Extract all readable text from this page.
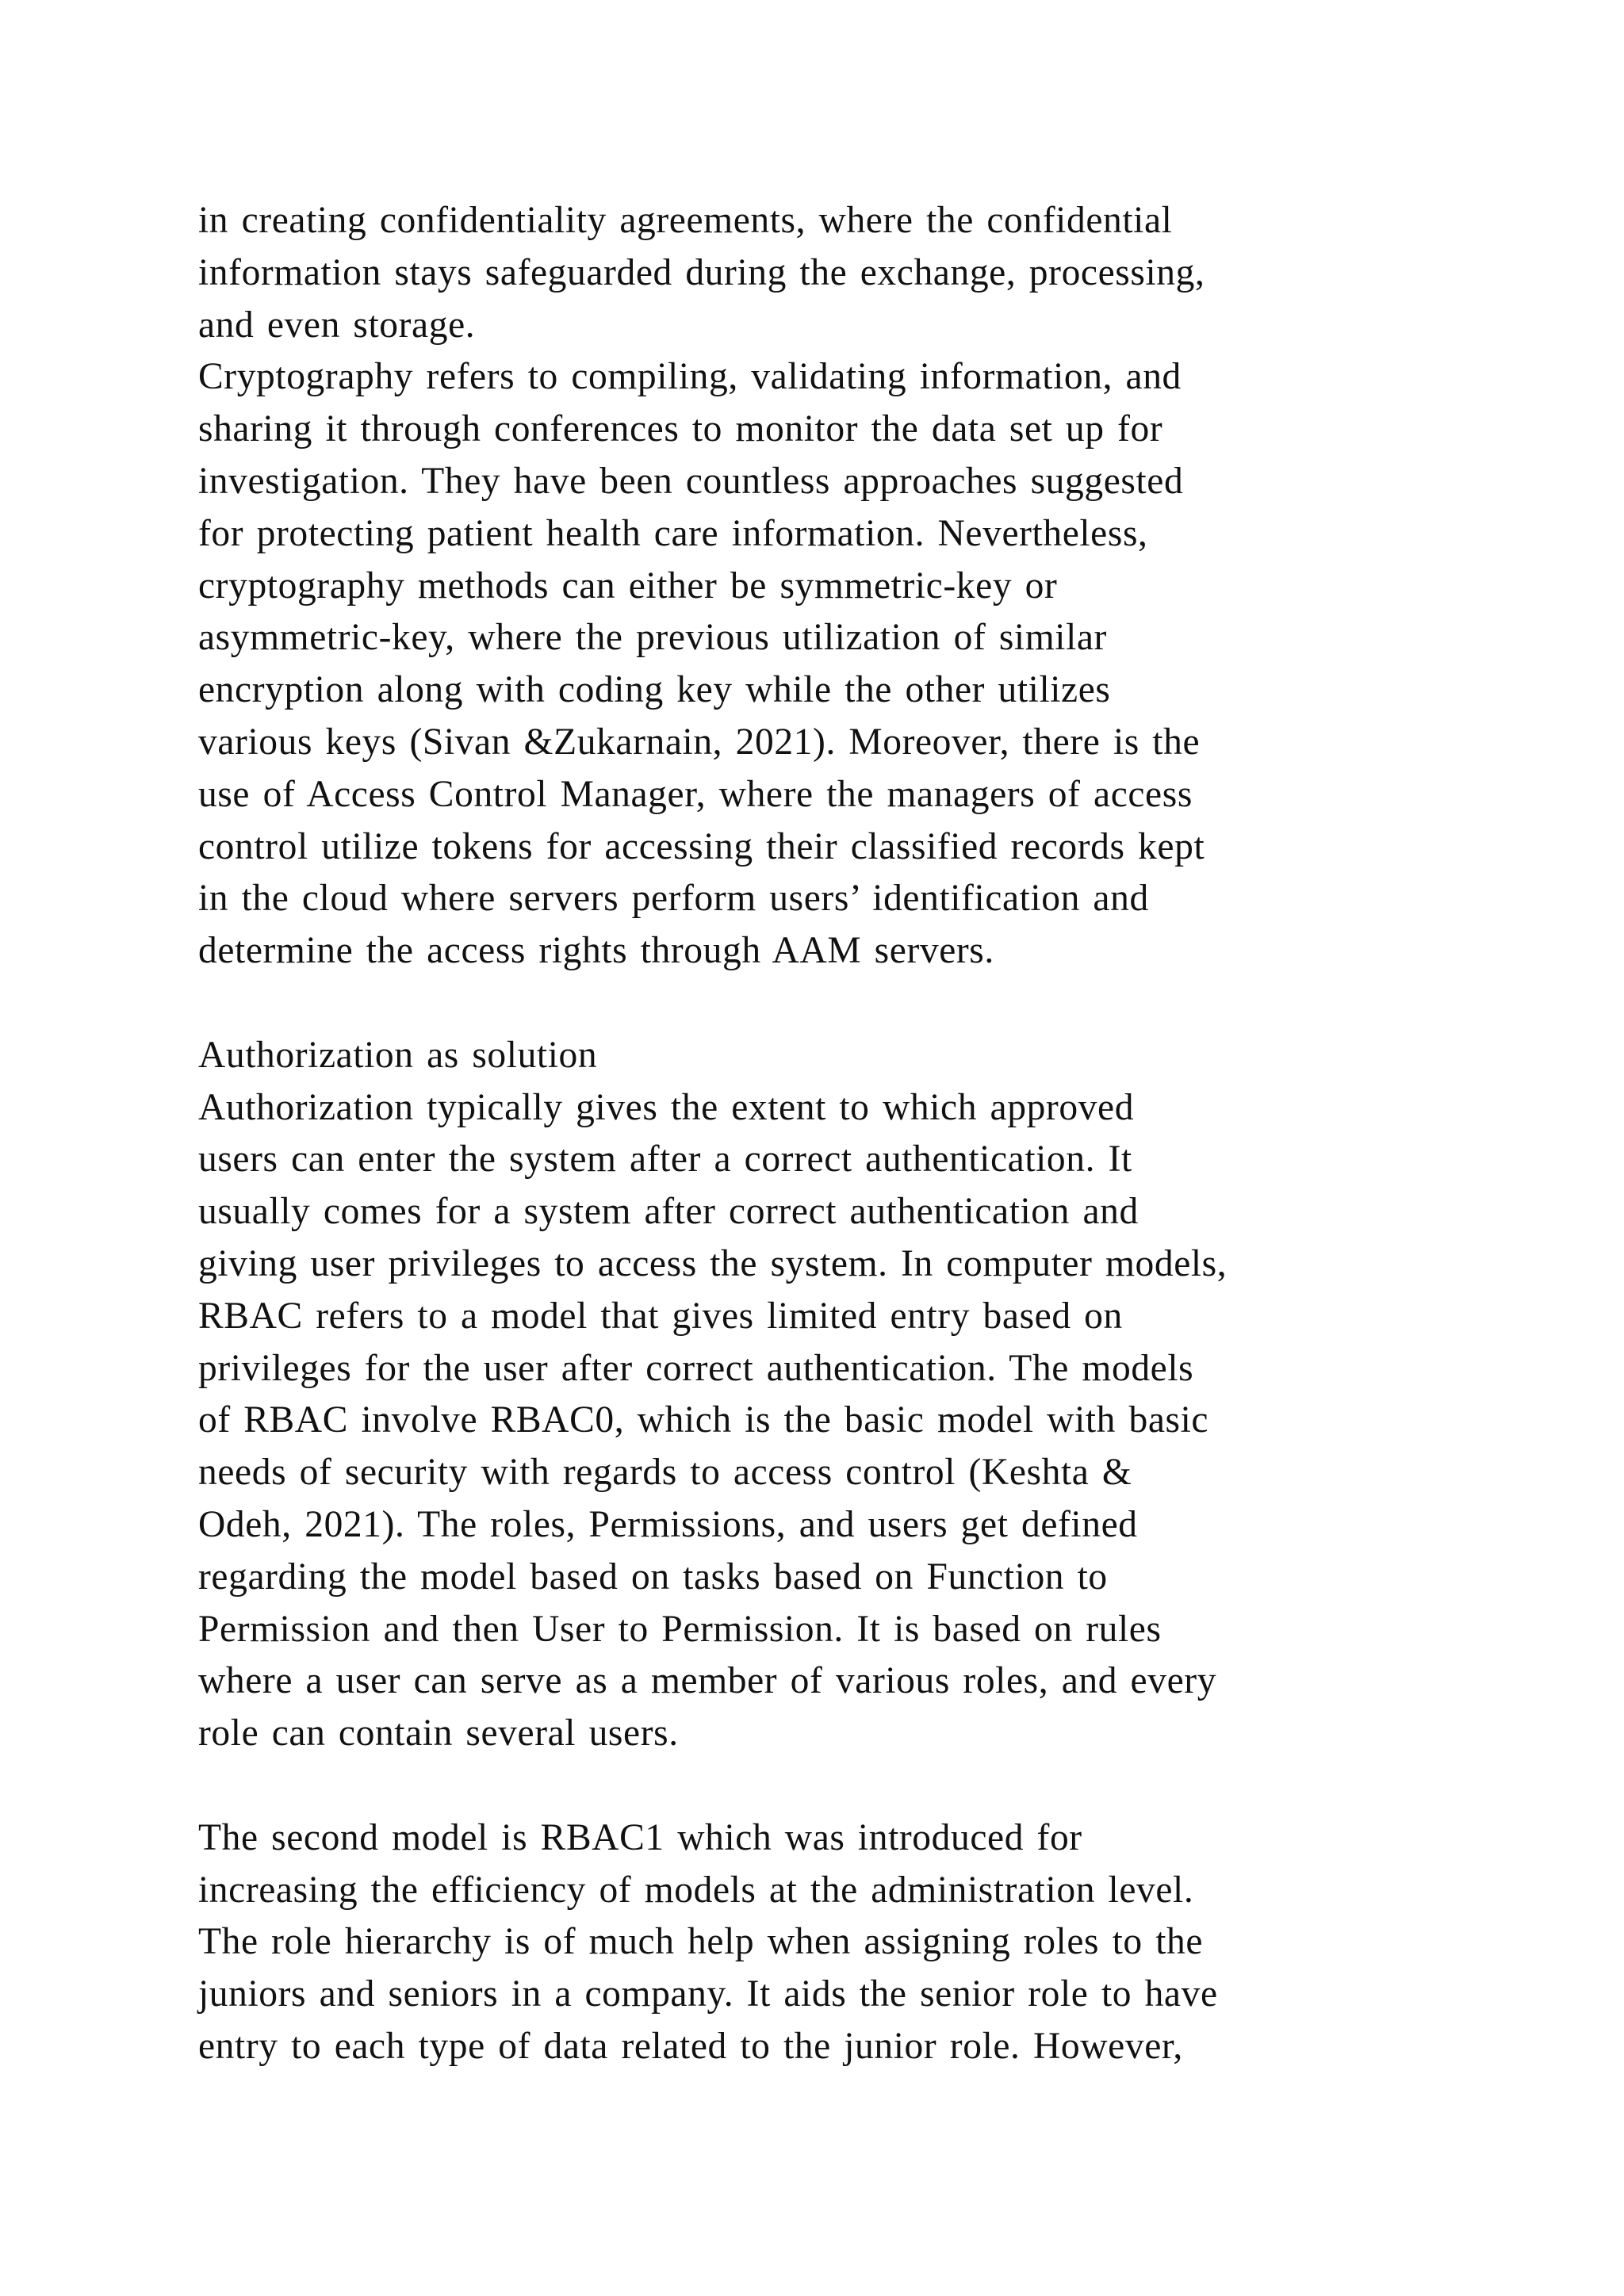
in creating confidentiality agreements, where the confidential
information stays safeguarded during the exchange, processing,
and even storage.
Cryptography refers to compiling, validating information, and
sharing it through conferences to monitor the data set up for
investigation. They have been countless approaches suggested
for protecting patient health care information. Nevertheless,
cryptography methods can either be symmetric-key or
asymmetric-key, where the previous utilization of similar
encryption along with coding key while the other utilizes
various keys (Sivan &Zukarnain, 2021). Moreover, there is the
use of Access Control Manager, where the managers of access
control utilize tokens for accessing their classified records kept
in the cloud where servers perform users’ identification and
determine the access rights through AAM servers.
Authorization as solution
Authorization typically gives the extent to which approved
users can enter the system after a correct authentication. It
usually comes for a system after correct authentication and
giving user privileges to access the system. In computer models,
RBAC refers to a model that gives limited entry based on
privileges for the user after correct authentication. The models
of RBAC involve RBAC0, which is the basic model with basic
needs of security with regards to access control (Keshta &
Odeh, 2021). The roles, Permissions, and users get defined
regarding the model based on tasks based on Function to
Permission and then User to Permission. It is based on rules
where a user can serve as a member of various roles, and every
role can contain several users.
The second model is RBAC1 which was introduced for
increasing the efficiency of models at the administration level.
The role hierarchy is of much help when assigning roles to the
juniors and seniors in a company. It aids the senior role to have
entry to each type of data related to the junior role. However,
